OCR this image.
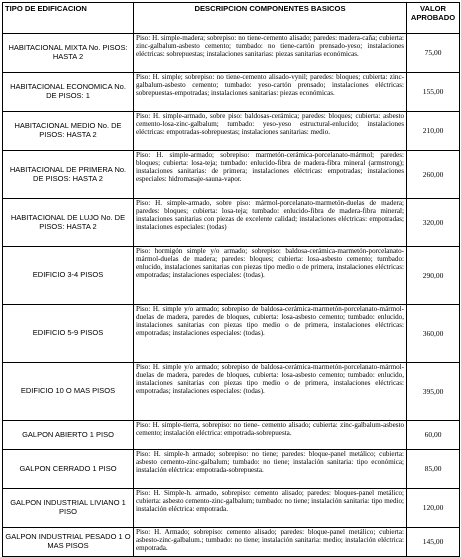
TIPO DE EDIFICACION	DESCRIPCION COMPONENTES BASICOS	VALOR APROBADO
HABITACIONAL MIXTA No. PISOS: HASTA 2	Piso: H. simple-madera; sobrepiso: no tiene-cemento alisado; paredes: madera-caña; cubierta: zinc-galbalum-asbesto cemento; tumbado: no tiene-cartón prensado-yeso; instalaciones eléctricas: sobrepuestas; instalaciones sanitarias: piezas sanitarias económicas.	75,00
HABITACIONAL ECONOMICA No. DE PISOS: 1	Piso: H. simple; sobrepiso: no tiene-cemento alisado-vynil; paredes: bloques; cubierta: zinc-galbalum-asbesto cemento; tumbado: yeso-cartón prensado; instalaciones eléctricas: sobrepuestas-empotradas; instalaciones sanitarias: piezas económicas.	155,00
HABITACIONAL MEDIO No. DE PISOS: HASTA 2	Piso: H. simple-armado, sobre piso: baldosas-cerámica; paredes: bloques; cubierta: asbesto cemento-losa-zinc-galbalum; tumbado: yeso-yeso estructural-enlucido; instalaciones eléctricas: empotradas-sobrepuestas; instalaciones sanitarias: medio.	210,00
HABITACIONAL DE PRIMERA No. DE PISOS: HASTA 2	Piso: H. simple-armado; sobrepiso: marmetón-cerámica-porcelanato-mármol; paredes: bloques; cubierta: losa-teja; tumbado: enlucido-fibra de madera-fibra mineral (armstrong); instalaciones sanitarias: de primera; instalaciones eléctricas: empotradas; instalaciones especiales: hidromasaje-sauna-vapor.	260,00
HABITACIONAL DE LUJO No. DE PISOS: HASTA 2	Piso: H. simple-armado, sobre piso: mármol-porcelanato-marmetón-duelas de madera; paredes: bloques; cubierta: losa-teja; tumbado: enlucido-fibra de madera-fibra mineral; instalaciones sanitarias con piezas de excelente calidad; instalaciones eléctricas: empotradas; instalaciones especiales: (todas)	320,00
EDIFICIO 3-4 PISOS	Piso: hormigón simple y/o armado; sobrepiso: baldosa-cerámica-marmetón-porcelanato-mármol-duelas de madera; paredes: bloques; cubierta: losa-asbesto cemento; tumbado: enlucido, instalaciones sanitarias con piezas tipo medio o de primera, instalaciones eléctricas: empotradas; instalaciones especiales: (todas).	290,00
EDIFICIO 5-9 PISOS	Piso: H. simple y/o armado; sobrepiso de baldosa-cerámica-marmetón-porcelanato-mármol-duelas de madera, paredes de bloques, cubierta: losa-asbesto cemento; tumbado: enlucido, instalaciones sanitarias con piezas tipo medio o de primera, instalaciones eléctricas: empotradas; instalaciones especiales: (todas).	360,00
EDIFICIO 10 O MAS PISOS	Piso: H. simple y/o armado; sobrepiso de baldosa-cerámica-marmetón-porcelanato-mármol-duelas de madera, paredes de bloques, cubierta: losa-asbesto cemento; tumbado: enlucido, instalaciones sanitarias con piezas tipo medio o de primera, instalaciones eléctricas: empotradas; instalaciones especiales: (todas).	395,00
GALPON ABIERTO 1 PISO	Piso: H. simple-tierra, sobrepiso: no tiene- cemento alisado; cubierta: zinc-galbalum-asbesto cemento; instalación eléctrica: empotrada-sobrepuesta.	60,00
GALPON CERRADO 1 PISO	Piso: H. simple-h armado; sobrepiso: no tiene; paredes: bloque-panel metálico; cubierta: asbesto cemento-zinc-galbalum; tumbado: no tiene; instalación sanitaria: tipo económica; instalación eléctrica: empotrada-sobrepuesta.	85,00
GALPON INDUSTRIAL LIVIANO 1 PISO	Piso: H. Simple-h. armado, sobrepiso: cemento alisado; paredes: bloques-panel metálico; cubierta: asbesto cemento-zinc-galbalum; tumbado: no tiene; instalación sanitaria: tipo medio; instalación eléctrica: empotrada.	120,00
GALPON INDUSTRIAL PESADO 1 O MAS PISOS	Piso: H. Armado; sobrepiso: cemento alisado; paredes: bloque-panel metálico; cubierta: asbesto-zinc-galbalum.; tumbado: no tiene; instalación sanitaria: medio; instalación eléctrica: empotrada.	145,00
